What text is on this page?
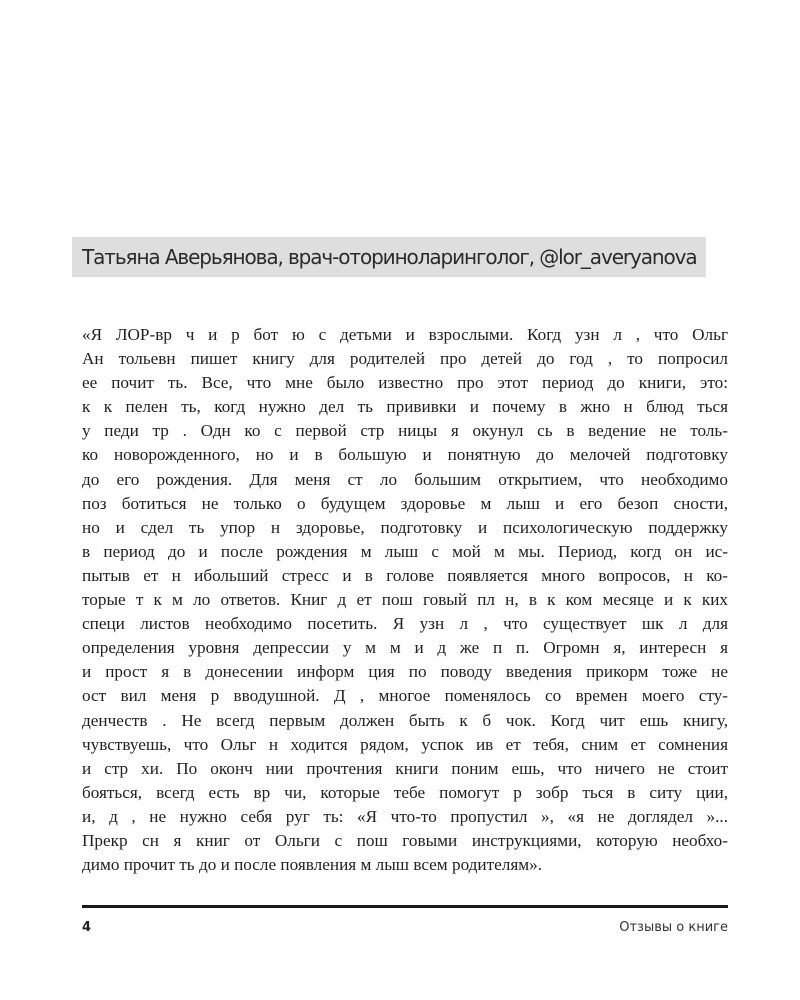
Татьяна Аверьянова, врач-оториноларинголог, @lor_averyanova
«Я ЛОР-вр ч и р бот ю с детьми и взрослыми. Когд узн л , что Ольг
Ан тольевн пишет книгу для родителей про детей до год , то попросил
ее почит ть. Все, что мне было известно про этот период до книги, это:
к к пелен ть, когд нужно дел ть прививки и почему в жно н блюд ться
у педи тр . Одн ко с первой стр ницы я окунул сь в ведение не толь-
ко новорожденного, но и в большую и понятную до мелочей подготовку
до его рождения. Для меня ст ло большим открытием, что необходимо
поз ботиться не только о будущем здоровье м лыш и его безоп сности,
но и сдел ть упор н здоровье, подготовку и психологическую поддержку
в период до и после рождения м лыш с мой м мы. Период, когд он ис-
пытыв ет н ибольший стресс и в голове появляется много вопросов, н ко-
торые т к м ло ответов. Книг д ет пош говый пл н, в к ком месяце и к ких
специ листов необходимо посетить. Я узн л , что существует шк л для
определения уровня депрессии у м м и д же п п. Огромн я, интересн я
и прост я в донесении информ ция по поводу введения прикорм тоже не
ост вил меня р вводушной. Д , многое поменялось со времен моего сту-
денчеств . Не всегд первым должен быть к б чок. Когд чит ешь книгу,
чувствуешь, что Ольг н ходится рядом, успок ив ет тебя, сним ет сомнения
и стр хи. По оконч нии прочтения книги поним ешь, что ничего не стоит
бояться, всегд есть вр чи, которые тебе помогут р зобр ться в ситу ции,
и, д , не нужно себя руг ть: «Я что-то пропустил », «я не доглядел »...
Прекр сн я книг от Ольги с пош говыми инструкциями, которую необхо-
димо прочит ть до и после появления м лыш всем родителям».
4	Отзывы о книге
